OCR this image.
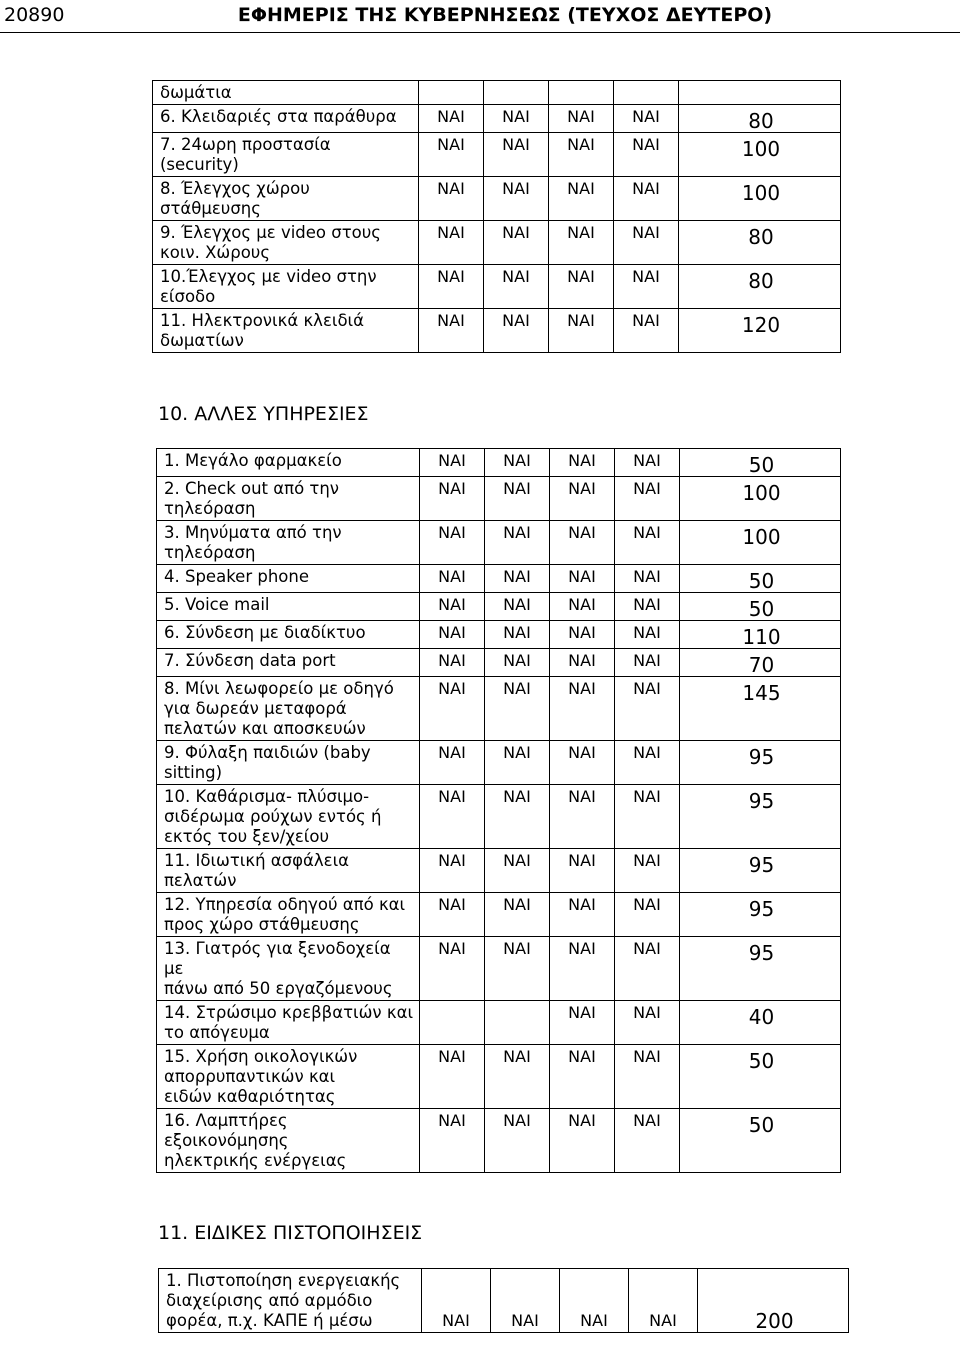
20890	ΕΦΗΜΕΡΙΣ ΤΗΣ ΚΥΒΕΡΝΗΣΕΩΣ (ΤΕΥΧΟΣ ΔΕΥΤΕΡΟ)
δωμάτια					

6. Κλειδαριές στα παράθυρα	ΝΑΙ	ΝΑΙ	ΝΑΙ	ΝΑΙ	80

7. 24ωρη προστασία
(security)	ΝΑΙ	ΝΑΙ	ΝΑΙ	ΝΑΙ	100

8. Έλεγχος χώρου
στάθμευσης	ΝΑΙ	ΝΑΙ	ΝΑΙ	ΝΑΙ	100

9. Έλεγχος με video στους
κοιν. Χώρους	ΝΑΙ	ΝΑΙ	ΝΑΙ	ΝΑΙ	80

10.Έλεγχος με video στην
είσοδο	ΝΑΙ	ΝΑΙ	ΝΑΙ	ΝΑΙ	80

11. Ηλεκτρονικά κλειδιά
δωματίων	ΝΑΙ	ΝΑΙ	ΝΑΙ	ΝΑΙ	120
10. ΑΛΛΕΣ ΥΠΗΡΕΣΙΕΣ
1. Μεγάλο φαρμακείο	ΝΑΙ	ΝΑΙ	ΝΑΙ	ΝΑΙ	50

2. Check out από την
τηλεόραση	ΝΑΙ	ΝΑΙ	ΝΑΙ	ΝΑΙ	100

3. Μηνύματα από την
τηλεόραση	ΝΑΙ	ΝΑΙ	ΝΑΙ	ΝΑΙ	100

4. Speaker phone	ΝΑΙ	ΝΑΙ	ΝΑΙ	ΝΑΙ	50

5. Voice mail	ΝΑΙ	ΝΑΙ	ΝΑΙ	ΝΑΙ	50

6. Σύνδεση με διαδίκτυο	ΝΑΙ	ΝΑΙ	ΝΑΙ	ΝΑΙ	110

7. Σύνδεση data port	ΝΑΙ	ΝΑΙ	ΝΑΙ	ΝΑΙ	70

8. Μίνι λεωφορείο με οδηγό
για δωρεάν μεταφορά
πελατών και αποσκευών	ΝΑΙ	ΝΑΙ	ΝΑΙ	ΝΑΙ	145

9. Φύλαξη παιδιών (baby
sitting)	ΝΑΙ	ΝΑΙ	ΝΑΙ	ΝΑΙ	95

10. Καθάρισμα- πλύσιμο-
σιδέρωμα ρούχων εντός ή
εκτός του ξεν/χείου	ΝΑΙ	ΝΑΙ	ΝΑΙ	ΝΑΙ	95

11. Ιδιωτική ασφάλεια
πελατών	ΝΑΙ	ΝΑΙ	ΝΑΙ	ΝΑΙ	95

12. Υπηρεσία οδηγού από και
προς χώρο στάθμευσης	ΝΑΙ	ΝΑΙ	ΝΑΙ	ΝΑΙ	95

13. Γιατρός για ξενοδοχεία με
πάνω από 50 εργαζόμενους	ΝΑΙ	ΝΑΙ	ΝΑΙ	ΝΑΙ	95

14. Στρώσιμο κρεββατιών και
το απόγευμα			ΝΑΙ	ΝΑΙ	40

15. Χρήση οικολογικών
απορρυπαντικών και
ειδών καθαριότητας	ΝΑΙ	ΝΑΙ	ΝΑΙ	ΝΑΙ	50

16. Λαμπτήρες
εξοικονόμησης
ηλεκτρικής ενέργειας	ΝΑΙ	ΝΑΙ	ΝΑΙ	ΝΑΙ	50
11. ΕΙΔΙΚΕΣ ΠΙΣΤΟΠΟΙΗΣΕΙΣ
1. Πιστοποίηση ενεργειακής
διαχείρισης από αρμόδιο
φορέα, π.χ. ΚΑΠΕ ή μέσω	ΝΑΙ	ΝΑΙ	ΝΑΙ	ΝΑΙ	200
